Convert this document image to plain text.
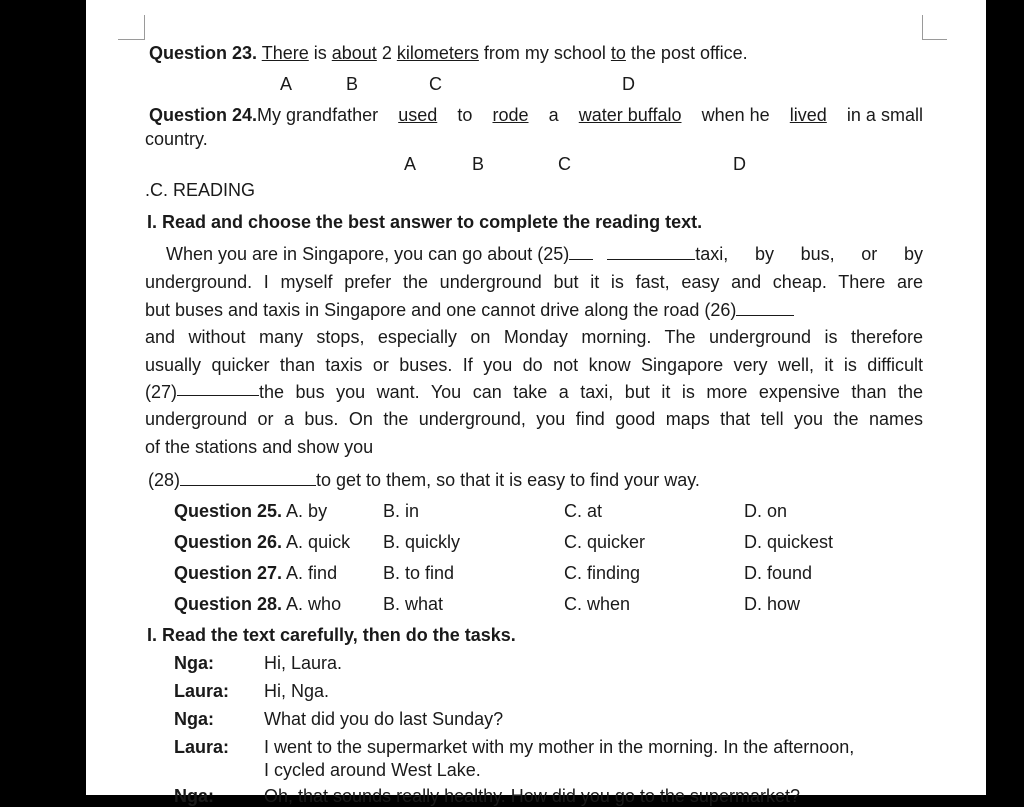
Question 23. There is about 2 kilometers from my school to the post office.
A	B	C	D
Question 24.My grandfather used to rode a water buffalo when he lived in a small
country.
A	B	C	D
.C. READING
I. Read and choose the best answer to complete the reading text.
When you are in Singapore, you can go about (25)	taxi, by bus, or by
underground. I myself prefer the underground but it is fast, easy and cheap. There are
but buses and taxis in Singapore and one cannot drive along the road (26)
and without many stops, especially on Monday morning. The underground is therefore
usually quicker than taxis or buses. If you do not know Singapore very well, it is difficult
(27)	the bus you want. You can take a taxi, but it is more expensive than the
underground or a bus. On the underground, you find good maps that tell you the names
of the stations and show you
(28)	to get to them, so that it is easy to find your way.
Question 25. A. by	B. in	C. at	D. on
Question 26. A. quick B. quickly	C. quicker	D. quickest
Question 27. A. find	B. to find	C. finding	D. found
Question 28. A. who B. what	C. when	D. how
I. Read the text carefully, then do the tasks.
Nga:	Hi, Laura.
Laura: Hi, Nga.
Nga:	What did you do last Sunday?
Laura: I went to the supermarket with my mother in the morning. In the afternoon,
I cycled around West Lake.
Nga:	Oh, that sounds really healthy. How did you go to the supermarket?
